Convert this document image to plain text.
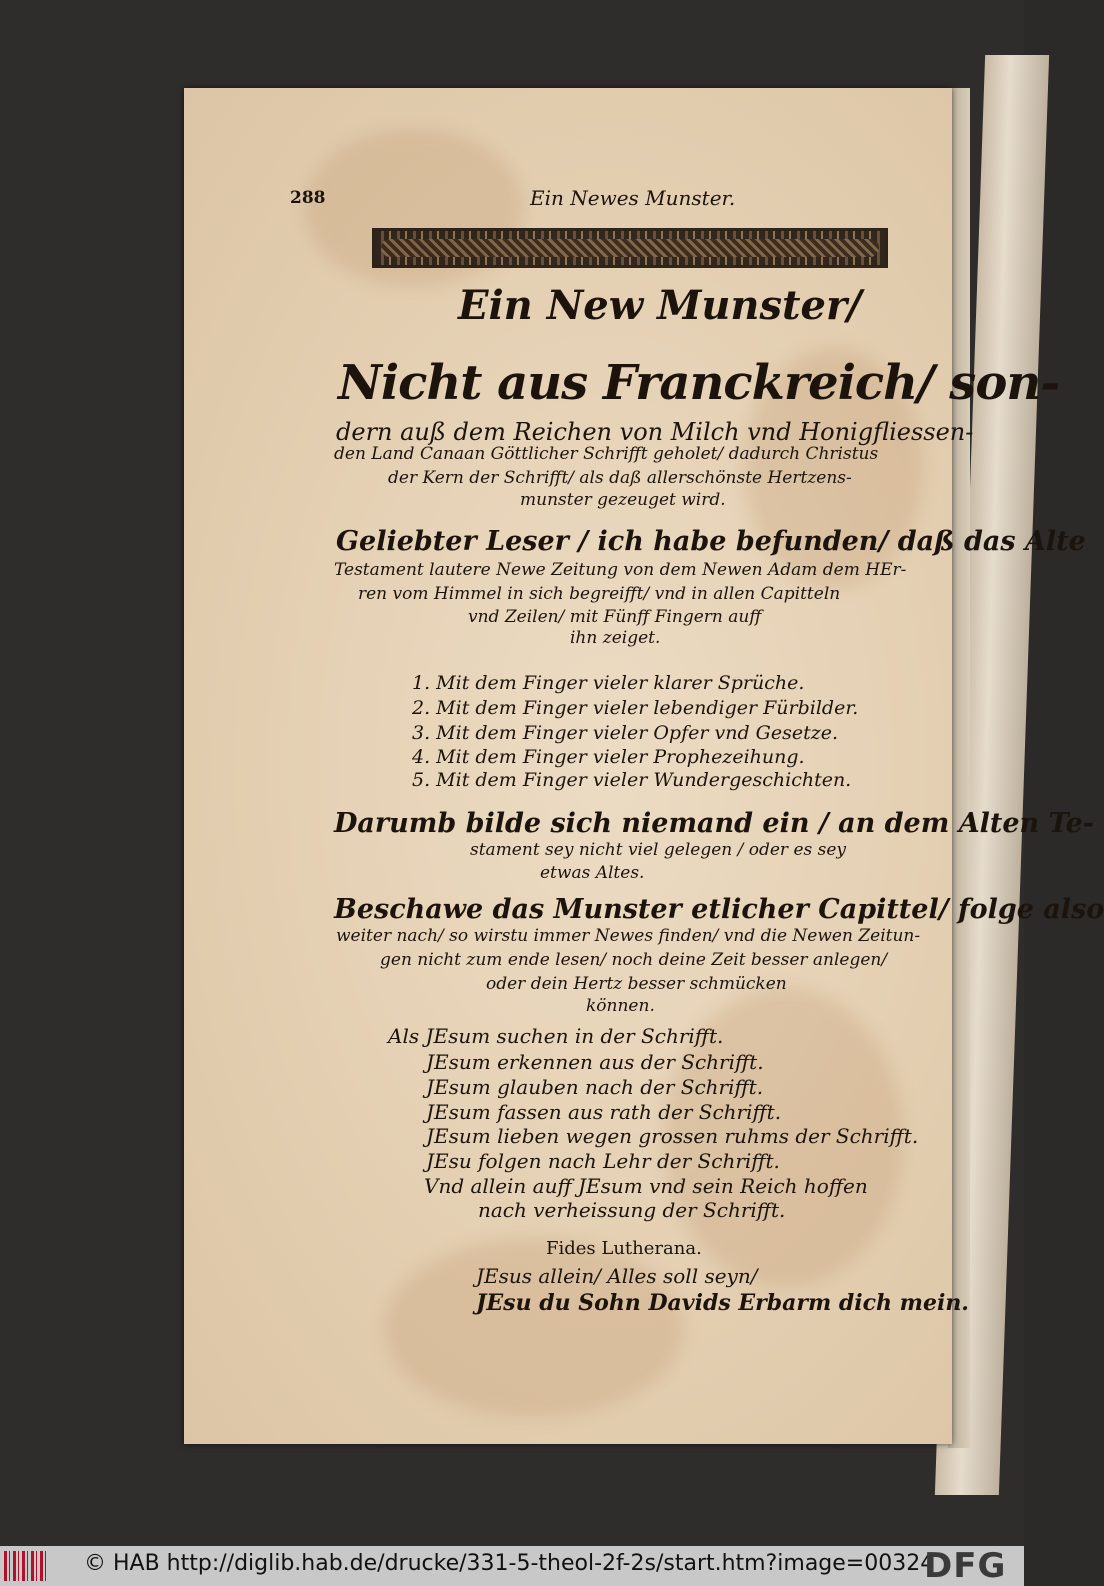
288	Ein Newes Munster.
Ein New Munster/
Nicht aus Franckreich/ son-
dern auß dem Reichen von Milch vnd Honigfliessen-
den Land Canaan Göttlicher Schrifft geholet/ dadurch Christus
der Kern der Schrifft/ als daß allerschönste Hertzens-
munster gezeuget wird.
Geliebter Leser / ich habe befunden/ daß das Alte
Testament lautere Newe Zeitung von dem Newen Adam dem HEr-
ren vom Himmel in sich begreifft/ vnd in allen Capitteln
vnd Zeilen/ mit Fünff Fingern auff
ihn zeiget.
1. Mit dem Finger vieler klarer Sprüche.
2. Mit dem Finger vieler lebendiger Fürbilder.
3. Mit dem Finger vieler Opfer vnd Gesetze.
4. Mit dem Finger vieler Prophezeihung.
5. Mit dem Finger vieler Wundergeschichten.
Darumb bilde sich niemand ein / an dem Alten Te-
stament sey nicht viel gelegen / oder es sey
etwas Altes.
Beschawe das Munster etlicher Capittel/ folge also
weiter nach/ so wirstu immer Newes finden/ vnd die Newen Zeitun-
gen nicht zum ende lesen/ noch deine Zeit besser anlegen/
oder dein Hertz besser schmücken
können.
Als JEsum suchen in der Schrifft.
JEsum erkennen aus der Schrifft.
JEsum glauben nach der Schrifft.
JEsum fassen aus rath der Schrifft.
JEsum lieben wegen grossen ruhms der Schrifft.
JEsu folgen nach Lehr der Schrifft.
Vnd allein auff JEsum vnd sein Reich hoffen
nach verheissung der Schrifft.
Fides Lutherana.
JEsus allein/ Alles soll seyn/
JEsu du Sohn Davids Erbarm dich mein.
© HAB http://diglib.hab.de/drucke/331-5-theol-2f-2s/start.htm?image=00324
DFG
